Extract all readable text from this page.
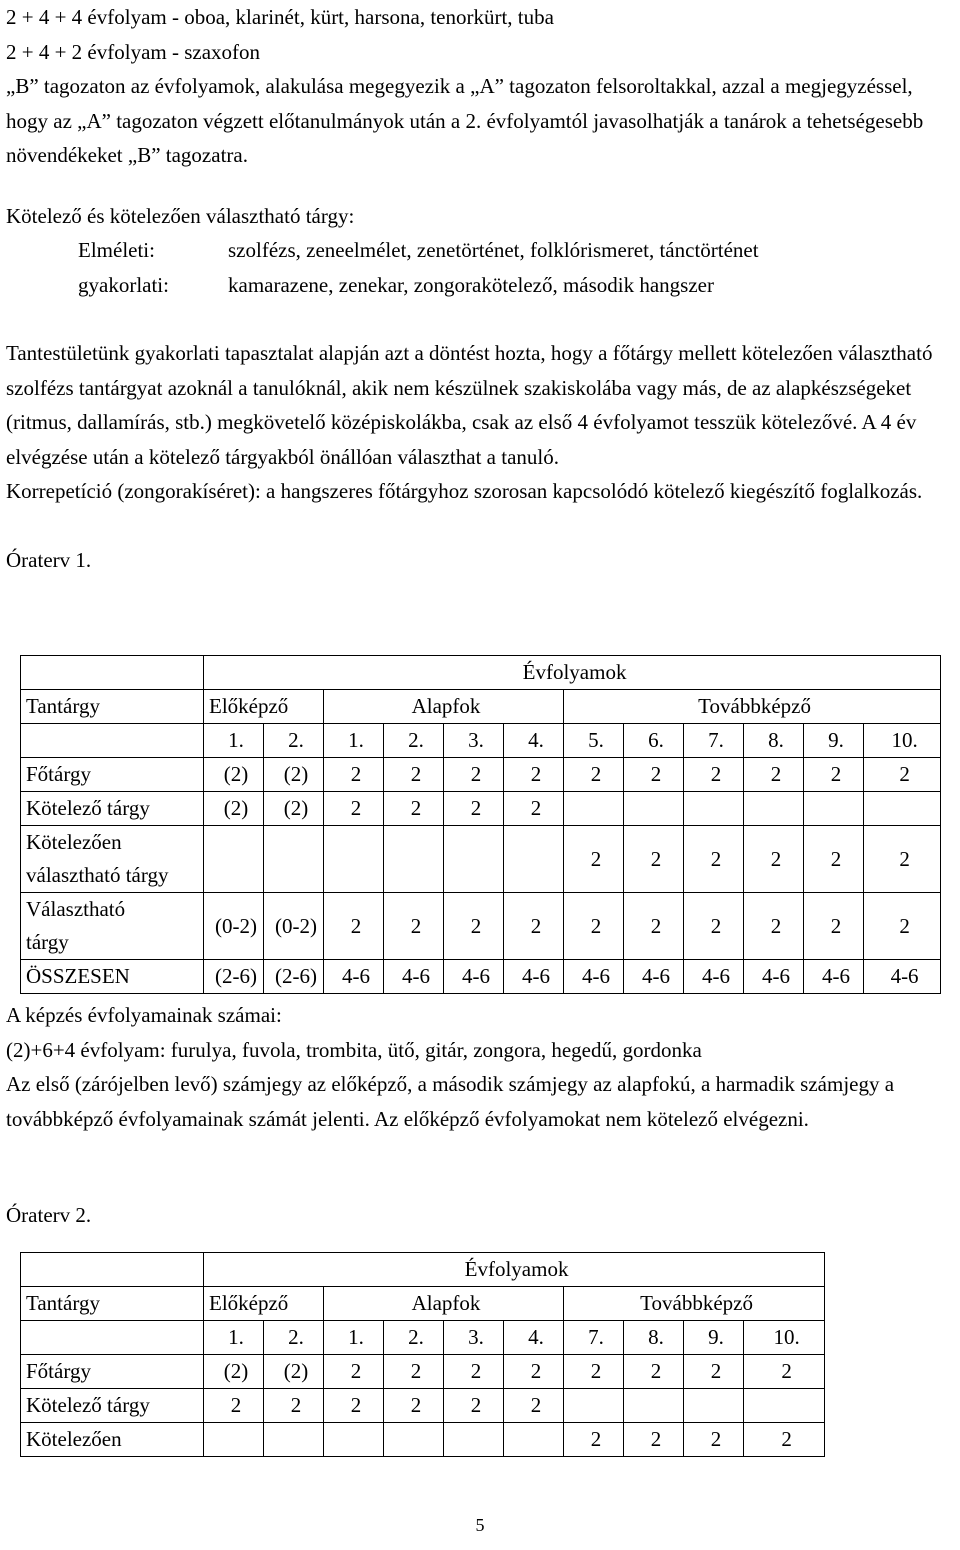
2 + 4 + 4 évfolyam - oboa, klarinét, kürt, harsona, tenorkürt, tuba

2 + 4 + 2 évfolyam - szaxofon

„B” tagozaton az évfolyamok, alakulása megegyezik a „A” tagozaton felsoroltakkal, azzal a megjegyzéssel, hogy az „A” tagozaton végzett előtanulmányok után a 2. évfolyamtól javasolhatják a tanárok a tehetségesebb növendékeket „B” tagozatra.

Kötelező és kötelezően választható tárgy:

Elméleti:	szolfézs, zeneelmélet, zenetörténet, folklórismeret, tánctörténet
gyakorlati:	kamarazene, zenekar, zongorakötelező, második hangszer

Tantestületünk gyakorlati tapasztalat alapján azt a döntést hozta, hogy a főtárgy mellett kötelezően választható szolfézs tantárgyat azoknál a tanulóknál, akik nem készülnek szakiskolába vagy más, de az alapkészségeket (ritmus, dallamírás, stb.) megkövetelő középiskolákba, csak az első 4 évfolyamot tesszük kötelezővé. A 4 év elvégzése után a kötelező tárgyakból önállóan választhat a tanuló.

Korrepetíció (zongorakíséret): a hangszeres főtárgyhoz szorosan kapcsolódó kötelező kiegészítő foglalkozás.

Óraterv 1.

	Évfolyamok											
Tantárgy	Előképző		Alapfok				Továbbképző					
	1.	2.	1.	2.	3.	4.	5.	6.	7.	8.	9.	10.
Főtárgy	(2)	(2)	2	2	2	2	2	2	2	2	2	2
Kötelező tárgy	(2)	(2)	2	2	2	2						

Kötelezően
választható tárgy							2	2	2	2	2	2

Választható
tárgy	(0-2)	(0-2)	2	2	2	2	2	2	2	2	2	2
ÖSSZESEN	(2-6)	(2-6)	4-6	4-6	4-6	4-6	4-6	4-6	4-6	4-6	4-6	4-6

A képzés évfolyamainak számai:

(2)+6+4 évfolyam: furulya, fuvola, trombita, ütő, gitár, zongora, hegedű, gordonka

Az első (zárójelben levő) számjegy az előképző, a második számjegy az alapfokú, a harmadik számjegy a továbbképző évfolyamainak számát jelenti. Az előképző évfolyamokat nem kötelező elvégezni.

Óraterv 2.

	Évfolyamok									
Tantárgy	Előképző		Alapfok				Továbbképző			
	1.	2.	1.	2.	3.	4.	7.	8.	9.	10.
Főtárgy	(2)	(2)	2	2	2	2	2	2	2	2
Kötelező tárgy	2	2	2	2	2	2				
Kötelezően							2	2	2	2
5
